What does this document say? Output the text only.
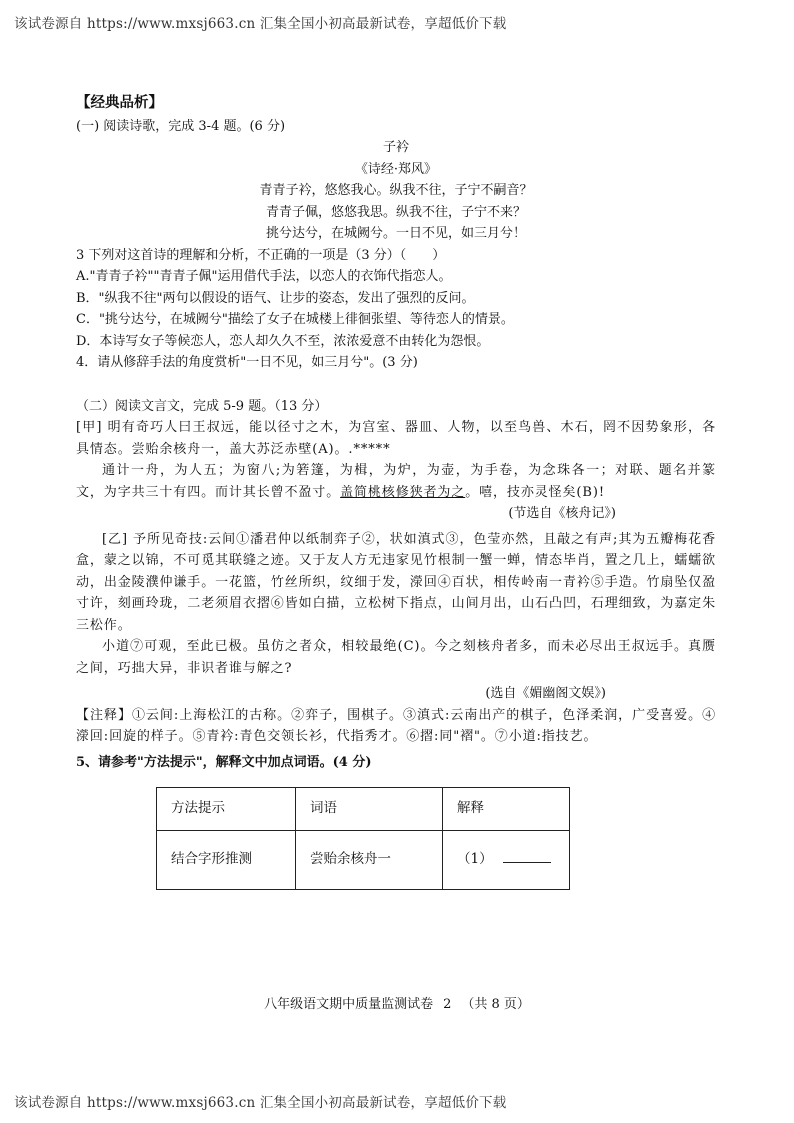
该试卷源自 https://www.mxsj663.cn 汇集全国小初高最新试卷，享超低价下载

【经典品析】

(一) 阅读诗歌，完成 3-4 题。(6 分)

子衿

《诗经·郑风》

青青子衿，悠悠我心。纵我不往，子宁不嗣音？

青青子佩，悠悠我思。纵我不往，子宁不来？

挑兮达兮，在城阙兮。一日不见，如三月兮！

3 下列对这首诗的理解和分析，不正确的一项是（3 分）（　　）

A."青青子衿""青青子佩"运用借代手法，以恋人的衣饰代指恋人。

B．"纵我不往"两句以假设的语气、让步的姿态，发出了强烈的反问。

C．"挑兮达兮，在城阙兮"描绘了女子在城楼上徘徊张望、等待恋人的情景。

D．本诗写女子等候恋人，恋人却久久不至，浓浓爱意不由转化为怨恨。

4．请从修辞手法的角度赏析"一日不见，如三月兮"。(3 分)

（二）阅读文言文，完成 5-9 题。（13 分）

[甲] 明有奇巧人曰王叔远，能以径寸之木，为宫室、器皿、人物，以至鸟兽、木石，罔不因势象形，各具情态。尝贻余核舟一，盖大苏泛赤壁(A)。.*****

通计一舟，为人五；为窗八;为箬篷，为楫，为炉，为壶，为手卷，为念珠各一；对联、题名并篆文，为字共三十有四。而计其长曾不盈寸。盖简桃核修狭者为之。嘻，技亦灵怪矣(B)!

(节选自《核舟记》)

[乙] 予所见奇技:云间①潘君仲以纸制弈子②，状如滇式③，色莹亦然，且敲之有声;其为五瓣梅花香盒，蒙之以锦，不可觅其联缝之迹。又于友人方无违家见竹根制一蟹一蝉，情态毕肖，置之几上，蠕蠕欲动，出金陵濮仲谦手。一花篮，竹丝所织，纹细于发，濴回④百状，相传岭南一青衿⑤手造。竹扇坠仅盈寸许，刻画玲珑，二老须眉衣摺⑥皆如白描，立松树下指点，山间月出，山石凸凹，石理细致，为嘉定朱三松作。

小道⑦可观，至此已极。虽仿之者众，相较最绝(C)。今之刻核舟者多，而未必尽出王叔远手。真赝之间，巧拙大异，非识者谁与解之?

(选自《媚幽阁文娱》)

【注释】①云间:上海松江的古称。②弈子，围棋子。③滇式:云南出产的棋子，色泽柔润，广受喜爱。④濴回:回旋的样子。⑤青衿:青色交领长衫，代指秀才。⑥摺:同"褶"。⑦小道:指技艺。

5、请参考"方法提示"，解释文中加点词语。(4 分)

方法提示	词语	解释
结合字形推测	尝贻余核舟一	（1）
八年级语文期中质量监测试卷 2 （共 8 页）
该试卷源自 https://www.mxsj663.cn 汇集全国小初高最新试卷，享超低价下载
